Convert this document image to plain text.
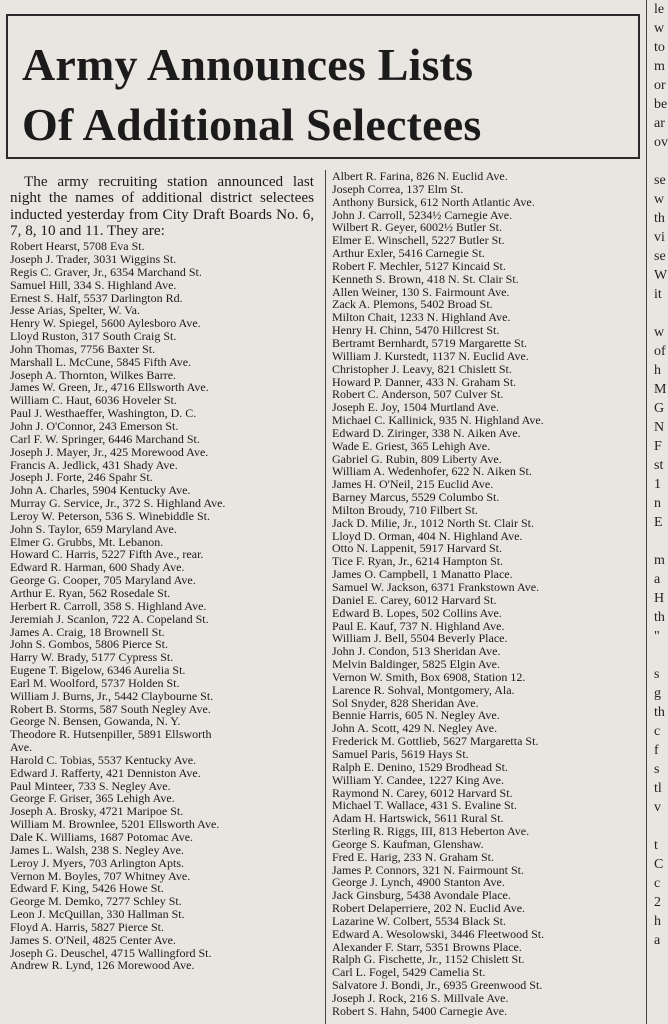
Army Announces Lists
Of Additional Selectees
The army recruiting station announced last night the names of additional district selectees inducted yesterday from City Draft Boards No. 6, 7, 8, 10 and 11. They are:
Robert Hearst, 5708 Eva St.
Joseph J. Trader, 3031 Wiggins St.
Regis C. Graver, Jr., 6354 Marchand St.
Samuel Hill, 334 S. Highland Ave.
Ernest S. Half, 5537 Darlington Rd.
Jesse Arias, Spelter, W. Va.
Henry W. Spiegel, 5600 Aylesboro Ave.
Lloyd Ruston, 317 South Craig St.
John Thomas, 7756 Baxter St.
Marshall L. McCune, 5845 Fifth Ave.
Joseph A. Thornton, Wilkes Barre.
James W. Green, Jr., 4716 Ellsworth Ave.
William C. Haut, 6036 Hoveler St.
Paul J. Westhaeffer, Washington, D. C.
John J. O'Connor, 243 Emerson St.
Carl F. W. Springer, 6446 Marchand St.
Joseph J. Mayer, Jr., 425 Morewood Ave.
Francis A. Jedlick, 431 Shady Ave.
Joseph J. Forte, 246 Spahr St.
John A. Charles, 5904 Kentucky Ave.
Murray G. Service, Jr., 372 S. Highland Ave.
Leroy W. Peterson, 536 S. Winebiddle St.
John S. Taylor, 659 Maryland Ave.
Elmer G. Grubbs, Mt. Lebanon.
Howard C. Harris, 5227 Fifth Ave., rear.
Edward R. Harman, 600 Shady Ave.
George G. Cooper, 705 Maryland Ave.
Arthur E. Ryan, 562 Rosedale St.
Herbert R. Carroll, 358 S. Highland Ave.
Jeremiah J. Scanlon, 722 A. Copeland St.
James A. Craig, 18 Brownell St.
John S. Gombos, 5806 Pierce St.
Harry W. Brady, 5177 Cypress St.
Eugene T. Bigelow, 6346 Aurelia St.
Earl M. Woolford, 5737 Holden St.
William J. Burns, Jr., 5442 Claybourne St.
Robert B. Storms, 587 South Negley Ave.
George N. Bensen, Gowanda, N. Y.
Theodore R. Hutsenpiller, 5891 Ellsworth
Ave.
Harold C. Tobias, 5537 Kentucky Ave.
Edward J. Rafferty, 421 Denniston Ave.
Paul Minteer, 733 S. Negley Ave.
George F. Griser, 365 Lehigh Ave.
Joseph A. Brosky, 4721 Maripoe St.
William M. Brownlee, 5201 Ellsworth Ave.
Dale K. Williams, 1687 Potomac Ave.
James L. Walsh, 238 S. Negley Ave.
Leroy J. Myers, 703 Arlington Apts.
Vernon M. Boyles, 707 Whitney Ave.
Edward F. King, 5426 Howe St.
George M. Demko, 7277 Schley St.
Leon J. McQuillan, 330 Hallman St.
Floyd A. Harris, 5827 Pierce St.
James S. O'Neil, 4825 Center Ave.
Joseph G. Deuschel, 4715 Wallingford St.
Andrew R. Lynd, 126 Morewood Ave.
Albert R. Farina, 826 N. Euclid Ave.
Joseph Correa, 137 Elm St.
Anthony Bursick, 612 North Atlantic Ave.
John J. Carroll, 5234½ Carnegie Ave.
Wilbert R. Geyer, 6002½ Butler St.
Elmer E. Winschell, 5227 Butler St.
Arthur Exler, 5416 Carnegie St.
Robert F. Mechler, 5127 Kincaid St.
Kenneth S. Brown, 418 N. St. Clair St.
Allen Weiner, 130 S. Fairmount Ave.
Zack A. Plemons, 5402 Broad St.
Milton Chait, 1233 N. Highland Ave.
Henry H. Chinn, 5470 Hillcrest St.
Bertramt Bernhardt, 5719 Margarette St.
William J. Kurstedt, 1137 N. Euclid Ave.
Christopher J. Leavy, 821 Chislett St.
Howard P. Danner, 433 N. Graham St.
Robert C. Anderson, 507 Culver St.
Joseph E. Joy, 1504 Murtland Ave.
Michael C. Kallinick, 935 N. Highland Ave.
Edward D. Ziringer, 338 N. Aiken Ave.
Wade E. Griest, 365 Lehigh Ave.
Gabriel G. Rubin, 809 Liberty Ave.
William A. Wedenhofer, 622 N. Aiken St.
James H. O'Neil, 215 Euclid Ave.
Barney Marcus, 5529 Columbo St.
Milton Broudy, 710 Filbert St.
Jack D. Milie, Jr., 1012 North St. Clair St.
Lloyd D. Orman, 404 N. Highland Ave.
Otto N. Lappenit, 5917 Harvard St.
Tice F. Ryan, Jr., 6214 Hampton St.
James O. Campbell, 1 Manatto Place.
Samuel W. Jackson, 6371 Frankstown Ave.
Daniel E. Carey, 6012 Harvard St.
Edward B. Lopes, 502 Collins Ave.
Paul E. Kauf, 737 N. Highland Ave.
William J. Bell, 5504 Beverly Place.
John J. Condon, 513 Sheridan Ave.
Melvin Baldinger, 5825 Elgin Ave.
Vernon W. Smith, Box 6908, Station 12.
Larence R. Sohval, Montgomery, Ala.
Sol Snyder, 828 Sheridan Ave.
Bennie Harris, 605 N. Negley Ave.
John A. Scott, 429 N. Negley Ave.
Frederick M. Gottlieb, 5627 Margaretta St.
Samuel Paris, 5619 Hays St.
Ralph E. Denino, 1529 Brodhead St.
William Y. Candee, 1227 King Ave.
Raymond N. Carey, 6012 Harvard St.
Michael T. Wallace, 431 S. Evaline St.
Adam H. Hartswick, 5611 Rural St.
Sterling R. Riggs, III, 813 Heberton Ave.
George S. Kaufman, Glenshaw.
Fred E. Harig, 233 N. Graham St.
James P. Connors, 321 N. Fairmount St.
George J. Lynch, 4900 Stanton Ave.
Jack Ginsburg, 5438 Avondale Place.
Robert Delaperriere, 202 N. Euclid Ave.
Lazarine W. Colbert, 5534 Black St.
Edward A. Wesolowski, 3446 Fleetwood St.
Alexander F. Starr, 5351 Browns Place.
Ralph G. Fischette, Jr., 1152 Chislett St.
Carl L. Fogel, 5429 Camelia St.
Salvatore J. Bondi, Jr., 6935 Greenwood St.
Joseph J. Rock, 216 S. Millvale Ave.
Robert S. Hahn, 5400 Carnegie Ave.
le
w
to
m
or
be
ar
ov
se
w
th
vi
se
W
it
w
of
h
M
G
N
F
st
1
n
E
m
a
H
th
"
s
g
th
c
f
s
tl
v
t
C
c
2
h
a
